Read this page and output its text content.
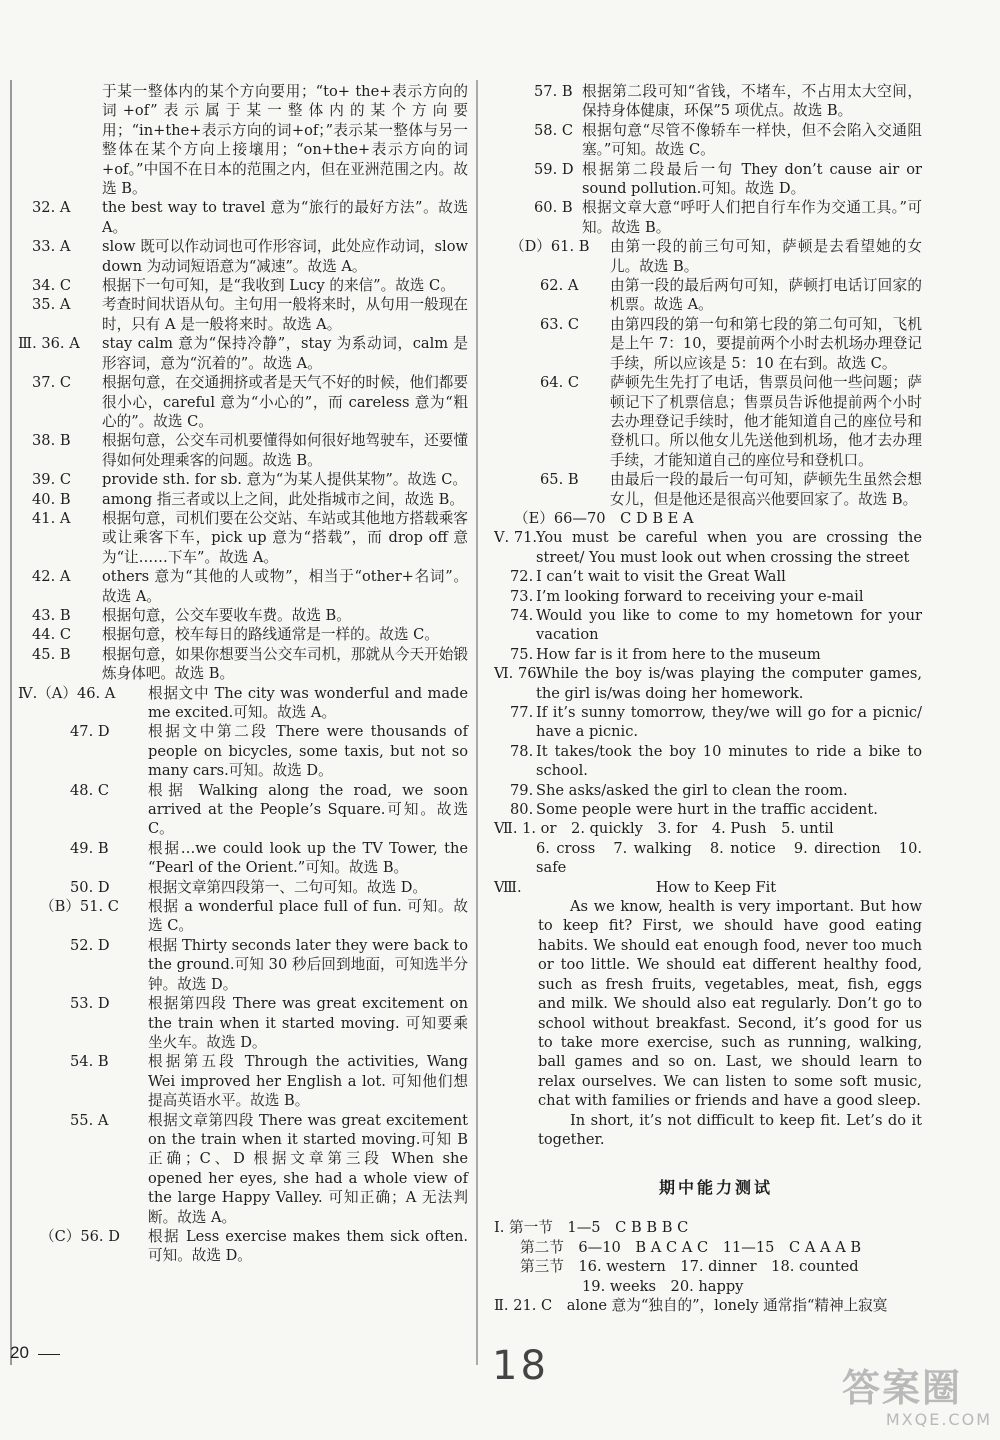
于某一整体内的某个方向要用；“to+ the+表示方向的词+of”表示属于某一整体内的某个方向要用；“in+the+表示方向的词+of；”表示某一整体与另一整体在某个方向上接壤用；“on+the+表示方向的词+of。”中国不在日本的范围之内，但在亚洲范围之内。故选 B。
32. A the best way to travel 意为“旅行的最好方法”。故选 A。
33. A slow 既可以作动词也可作形容词，此处应作动词，slow down 为动词短语意为“减速”。故选 A。
34. C 根据下一句可知，是“我收到 Lucy 的来信”。故选 C。
35. A 考查时间状语从句。主句用一般将来时，从句用一般现在时，只有 A 是一般将来时。故选 A。
Ⅲ. 36. A stay calm 意为“保持冷静”，stay 为系动词，calm 是形容词，意为“沉着的”。故选 A。
37. C 根据句意，在交通拥挤或者是天气不好的时候，他们都要很小心，careful 意为“小心的”，而 careless 意为“粗心的”。故选 C。
38. B 根据句意，公交车司机要懂得如何很好地驾驶车，还要懂得如何处理乘客的问题。故选 B。
39. C provide sth. for sb. 意为“为某人提供某物”。故选 C。
40. B among 指三者或以上之间，此处指城市之间，故选 B。
41. A 根据句意，司机们要在公交站、车站或其他地方搭载乘客或让乘客下车，pick up 意为“搭载”，而 drop off 意为“让……下车”。故选 A。
42. A others 意为“其他的人或物”，相当于“other+名词”。故选 A。
43. B 根据句意，公交车要收车费。故选 B。
44. C 根据句意，校车每日的路线通常是一样的。故选 C。
45. B 根据句意，如果你想要当公交车司机，那就从今天开始锻炼身体吧。故选 B。
Ⅳ.（A）46. A 根据文中 The city was wonderful and made me excited.可知。故选 A。
47. D	根据文中第二段 There were thousands of people on bicycles, some taxis, but not so many cars.可知。故选 D。
48. C	根据 Walking along the road, we soon arrived at the People’s Square.可知。故选 C。
49. B	根据…we could look up the TV Tower, the “Pearl of the Orient.”可知。故选 B。
50. D	根据文章第四段第一、二句可知。故选 D。
（B）51. C 根据 a wonderful place full of fun. 可知。故选 C。
52. D	根据 Thirty seconds later they were back to the ground.可知 30 秒后回到地面，可知选半分钟。故选 D。
53. D	根据第四段 There was great excitement on the train when it started moving. 可知要乘坐火车。故选 D。
54. B	根据第五段 Through the activities, Wang Wei improved her English a lot. 可知他们想提高英语水平。故选 B。
55. A	根据文章第四段 There was great excitement on the train when it started moving.可知 B 正确；C、D 根据文章第三段 When she opened her eyes, she had a whole view of the large Happy Valley. 可知正确；A 无法判断。故选 A。
（C）56. D 根据 Less exercise makes them sick often.可知。故选 D。
57. B 根据第二段可知“省钱，不堵车，不占用太大空间，保持身体健康，环保”5 项优点。故选 B。
58. C 根据句意“尽管不像轿车一样快，但不会陷入交通阻塞。”可知。故选 C。
59. D 根据第二段最后一句 They don’t cause air or sound pollution.可知。故选 D。
60. B 根据文章大意“呼吁人们把自行车作为交通工具。”可知。故选 B。
（D）61. B 由第一段的前三句可知，萨顿是去看望她的女儿。故选 B。
62. A 由第一段的最后两句可知，萨顿打电话订回家的机票。故选 A。
63. C 由第四段的第一句和第七段的第二句可知，飞机是上午 7：10，要提前两个小时去机场办理登记手续，所以应该是 5：10 在右到。故选 C。
64. C 萨顿先生先打了电话，售票员问他一些问题；萨顿记下了机票信息；售票员告诉他提前两个小时去办理登记手续时，他才能知道自己的座位号和登机口。所以他女儿先送他到机场，他才去办理手续，才能知道自己的座位号和登机口。
65. B 由最后一段的最后一句可知，萨顿先生虽然会想女儿，但是他还是很高兴他要回家了。故选 B。
（E）66—70　C D B E A
Ⅴ. 71.
You must be careful when you are crossing the street/ You must look out when crossing the street
72. I can’t wait to visit the Great Wall
73. I’m looking forward to receiving your e-mail
74. Would you like to come to my hometown for your vacation
75. How far is it from here to the museum
Ⅵ. 76.
While the boy is/was playing the computer games, the girl is/was doing her homework.
77. If it’s sunny tomorrow, they/we will go for a picnic/ have a picnic.
78. It takes/took the boy 10 minutes to ride a bike to school.
79. She asks/asked the girl to clean the room.
80. Some people were hurt in the traffic accident.
Ⅶ. 1. or　2. quickly　3. for　4. Push　5. until
6. cross　7. walking　8. notice　9. direction　10. safe
Ⅷ.	How to Keep Fit

As we know, health is very important. But how to keep fit? First, we should have good eating habits. We should eat enough food, never too much or too little. We should eat different healthy food, such as fresh fruits, vegetables, meat, fish, eggs and milk. We should also eat regularly. Don’t go to school without breakfast. Second, it’s good for us to take more exercise, such as running, walking, ball games and so on. Last, we should learn to relax ourselves. We can listen to some soft music, chat with families or friends and have a good sleep.

In short, it’s not difficult to keep fit. Let’s do it together.

期中能力测试
Ⅰ. 第一节　1—5　C B B B C
第二节　6—10　B A C A C　11—15　C A A A B
第三节　16. western　17. dinner　18. counted
19. weeks　20. happy
Ⅱ. 21. C　alone 意为“独自的”，lonely 通常指“精神上寂寞
20	18	答案圈
MXQE.COM
